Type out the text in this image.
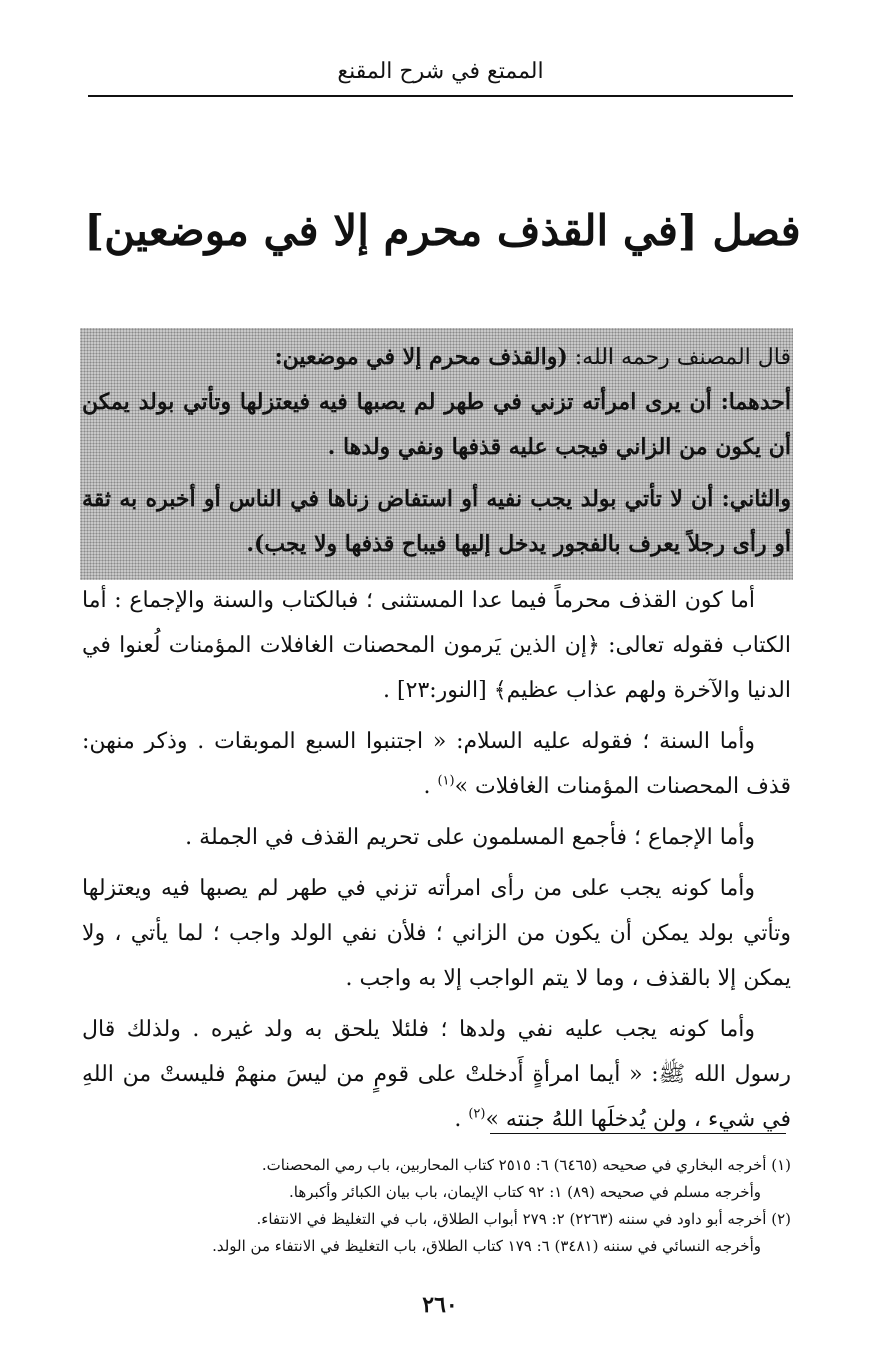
الممتع في شرح المقنع
فصل [في القذف محرم إلا في موضعين]

قال المصنف رحمه الله: (والقذف محرم إلا في موضعين:

أحدهما: أن يرى امرأته تزني في طهر لم يصبها فيه فيعتزلها وتأتي بولد يمكن أن يكون من الزاني فيجب عليه قذفها ونفي ولدها .

والثاني: أن لا تأتي بولد يجب نفيه أو استفاض زناها في الناس أو أخبره به ثقة أو رأى رجلاً يعرف بالفجور يدخل إليها فيباح قذفها ولا يجب).

أما كون القذف محرماً فيما عدا المستثنى ؛ فبالكتاب والسنة والإجماع : أما الكتاب فقوله تعالى: ﴿إن الذين يَرمون المحصنات الغافلات المؤمنات لُعنوا في الدنيا والآخرة ولهم عذاب عظيم﴾ [النور:٢٣] .

وأما السنة ؛ فقوله عليه السلام: « اجتنبوا السبع الموبقات . وذكر منهن: قذف المحصنات المؤمنات الغافلات »$^{(١)}$ .

وأما الإجماع ؛ فأجمع المسلمون على تحريم القذف في الجملة .

وأما كونه يجب على من رأى امرأته تزني في طهر لم يصبها فيه ويعتزلها وتأتي بولد يمكن أن يكون من الزاني ؛ فلأن نفي الولد واجب ؛ لما يأتي ، ولا يمكن إلا بالقذف ، وما لا يتم الواجب إلا به واجب .

وأما كونه يجب عليه نفي ولدها ؛ فلئلا يلحق به ولد غيره . ولذلك قال رسول الله ﷺ: « أيما امرأةٍ أَدخلتْ على قومٍ من ليسَ منهمْ فليستْ من اللهِ في شيء ، ولن يُدخلَها اللهُ جنته »$^{(٢)}$ .

(١) أخرجه البخاري في صحيحه (٦٤٦٥) ٦: ٢٥١٥ كتاب المحاربين، باب رمي المحصنات.

وأخرجه مسلم في صحيحه (٨٩) ١: ٩٢ كتاب الإيمان، باب بيان الكبائر وأكبرها.

(٢) أخرجه أبو داود في سننه (٢٢٦٣) ٢: ٢٧٩ أبواب الطلاق، باب في التغليظ في الانتفاء.

وأخرجه النسائي في سننه (٣٤٨١) ٦: ١٧٩ كتاب الطلاق، باب التغليظ في الانتفاء من الولد.

٢٦٠
